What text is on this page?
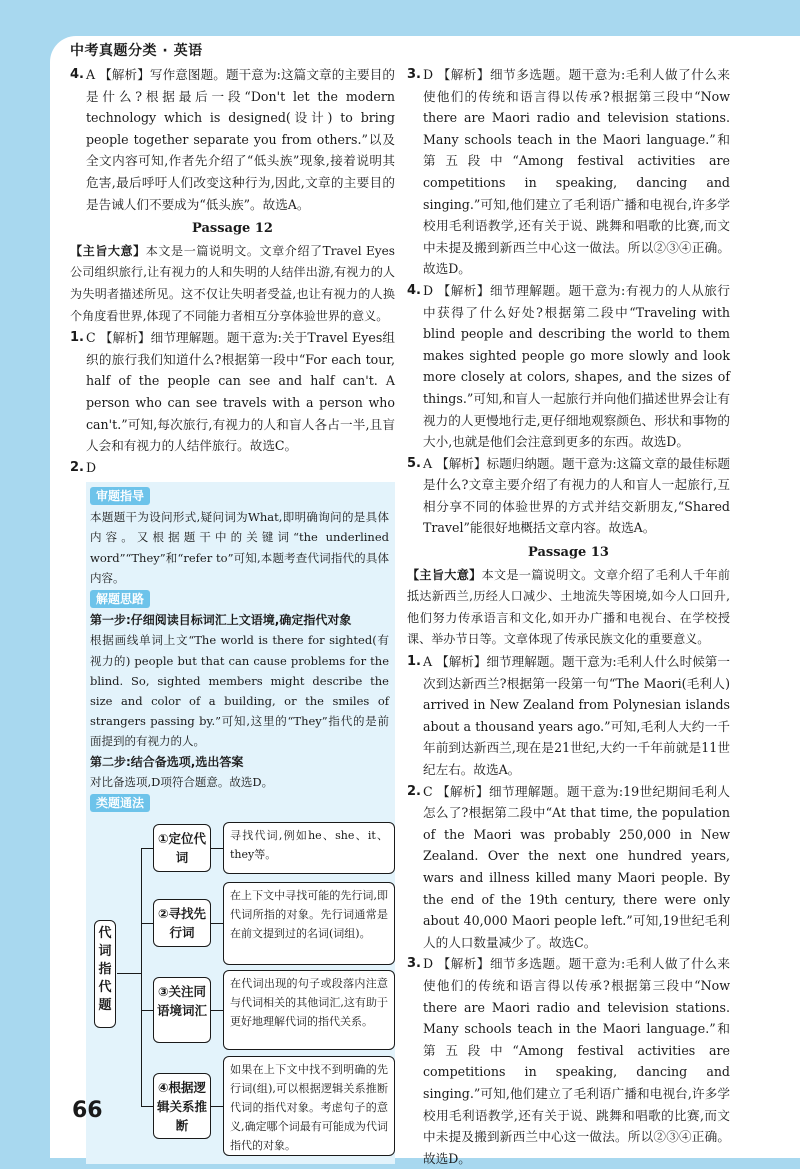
中考真题分类 · 英语

4. A 【解析】写作意图题。题干意为:这篇文章的主要目的是什么?根据最后一段“Don't let the modern technology which is designed(设计) to bring people together separate you from others.”以及全文内容可知,作者先介绍了“低头族”现象,接着说明其危害,最后呼吁人们改变这种行为,因此,文章的主要目的是告诫人们不要成为“低头族”。故选A。

Passage 12

【主旨大意】本文是一篇说明文。文章介绍了Travel Eyes公司组织旅行,让有视力的人和失明的人结伴出游,有视力的人为失明者描述所见。这不仅让失明者受益,也让有视力的人换个角度看世界,体现了不同能力者相互分享体验世界的意义。

1. C 【解析】细节理解题。题干意为:关于Travel Eyes组织的旅行我们知道什么?根据第一段中“For each tour, half of the people can see and half can't. A person who can see travels with a person who can't.”可知,每次旅行,有视力的人和盲人各占一半,且盲人会和有视力的人结伴旅行。故选C。

2. D

审题指导

本题题干为设问形式,疑问词为What,即明确询问的是具体内容。又根据题干中的关键词“the underlined word”“They”和“refer to”可知,本题考查代词指代的具体内容。

解题思路

第一步:仔细阅读目标词汇上文语境,确定指代对象

根据画线单词上文“The world is there for sighted(有视力的) people but that can cause problems for the blind. So, sighted members might describe the size and color of a building, or the smiles of strangers passing by.”可知,这里的“They”指代的是前面提到的有视力的人。

第二步:结合备选项,选出答案

对比备选项,D项符合题意。故选D。

类题通法
代词指代题
①定位代词
寻找代词,例如he、she、it、they等。
②寻找先行词
在上下文中寻找可能的先行词,即代词所指的对象。先行词通常是在前文提到过的名词(词组)。
③关注同语境词汇
在代词出现的句子或段落内注意与代词相关的其他词汇,这有助于更好地理解代词的指代关系。
④根据逻辑关系推断
如果在上下文中找不到明确的先行词(组),可以根据逻辑关系推断代词的指代对象。考虑句子的意义,确定哪个词最有可能成为代词指代的对象。

3. D 【解析】细节多选题。题干意为:毛利人做了什么来使他们的传统和语言得以传承?根据第三段中“Now there are Maori radio and television stations. Many schools teach in the Maori language.”和第五段中“Among festival activities are competitions in speaking, dancing and singing.”可知,他们建立了毛利语广播和电视台,许多学校用毛利语教学,还有关于说、跳舞和唱歌的比赛,而文中未提及搬到新西兰中心这一做法。所以②③④正确。故选D。

4. D 【解析】细节理解题。题干意为:有视力的人从旅行中获得了什么好处?根据第二段中“Traveling with blind people and describing the world to them makes sighted people go more slowly and look more closely at colors, shapes, and the sizes of things.”可知,和盲人一起旅行并向他们描述世界会让有视力的人更慢地行走,更仔细地观察颜色、形状和事物的大小,也就是他们会注意到更多的东西。故选D。

5. A 【解析】标题归纳题。题干意为:这篇文章的最佳标题是什么?文章主要介绍了有视力的人和盲人一起旅行,互相分享不同的体验世界的方式并结交新朋友,“Shared Travel”能很好地概括文章内容。故选A。

Passage 13

【主旨大意】本文是一篇说明文。文章介绍了毛利人千年前抵达新西兰,历经人口减少、土地流失等困境,如今人口回升,他们努力传承语言和文化,如开办广播和电视台、在学校授课、举办节日等。文章体现了传承民族文化的重要意义。

1. A 【解析】细节理解题。题干意为:毛利人什么时候第一次到达新西兰?根据第一段第一句“The Maori(毛利人) arrived in New Zealand from Polynesian islands about a thousand years ago.”可知,毛利人大约一千年前到达新西兰,现在是21世纪,大约一千年前就是11世纪左右。故选A。

2. C 【解析】细节理解题。题干意为:19世纪期间毛利人怎么了?根据第二段中“At that time, the population of the Maori was probably 250,000 in New Zealand. Over the next one hundred years, wars and illness killed many Maori people. By the end of the 19th century, there were only about 40,000 Maori people left.”可知,19世纪毛利人的人口数量减少了。故选C。

3. D 【解析】细节多选题。题干意为:毛利人做了什么来使他们的传统和语言得以传承?根据第三段中“Now there are Maori radio and television stations. Many schools teach in the Maori language.”和第五段中“Among festival activities are competitions in speaking, dancing and singing.”可知,他们建立了毛利语广播和电视台,许多学校用毛利语教学,还有关于说、跳舞和唱歌的比赛,而文中未提及搬到新西兰中心这一做法。所以②③④正确。故选D。

66
